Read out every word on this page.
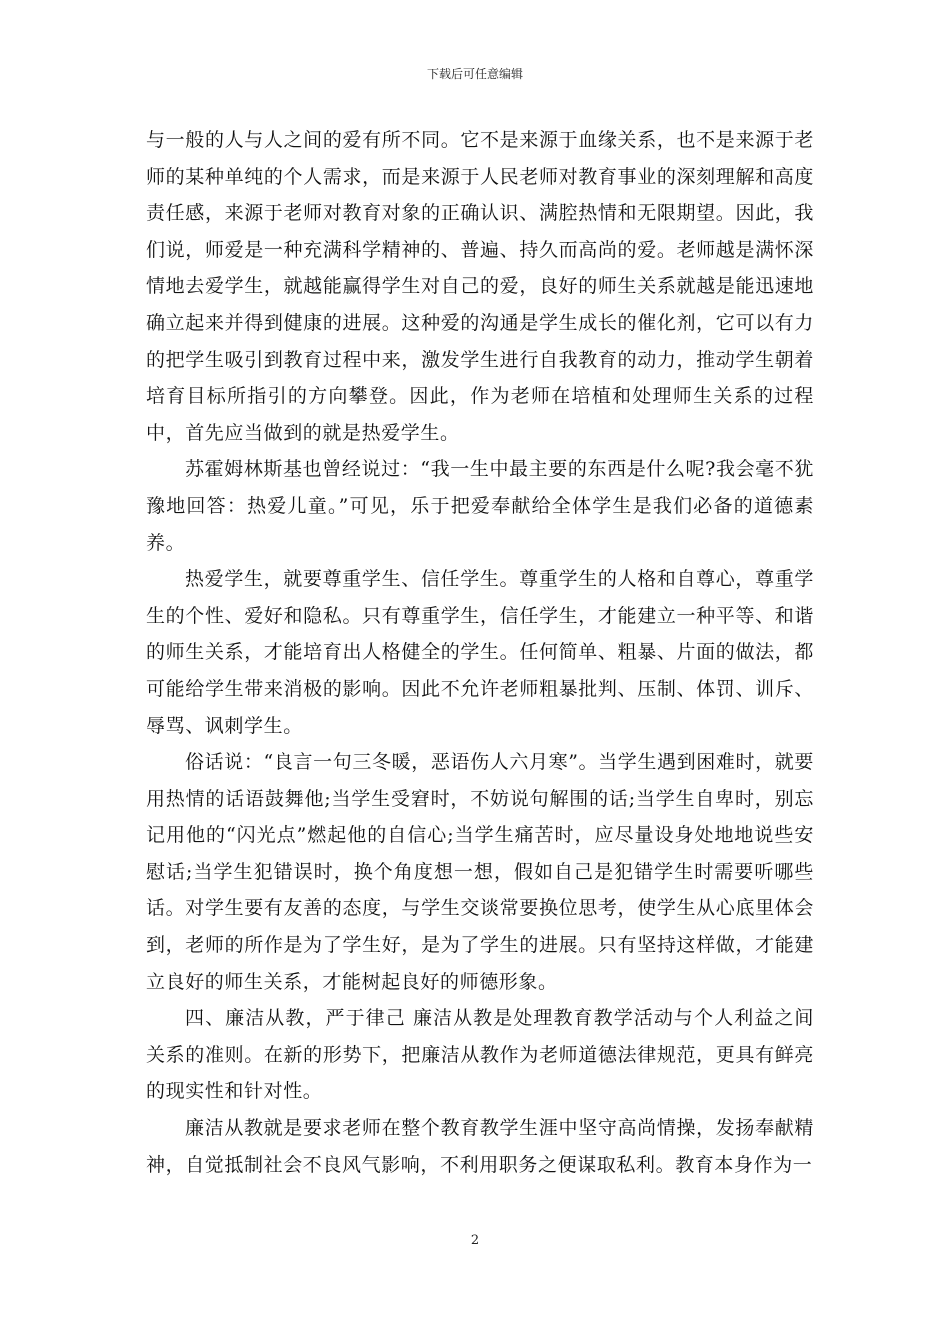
下载后可任意编辑

与一般的人与人之间的爱有所不同。它不是来源于血缘关系，也不是来源于老师的某种单纯的个人需求，而是来源于人民老师对教育事业的深刻理解和高度责任感，来源于老师对教育对象的正确认识、满腔热情和无限期望。因此，我们说，师爱是一种充满科学精神的、普遍、持久而高尚的爱。老师越是满怀深情地去爱学生，就越能赢得学生对自己的爱，良好的师生关系就越是能迅速地确立起来并得到健康的进展。这种爱的沟通是学生成长的催化剂，它可以有力的把学生吸引到教育过程中来，激发学生进行自我教育的动力，推动学生朝着培育目标所指引的方向攀登。因此，作为老师在培植和处理师生关系的过程中，首先应当做到的就是热爱学生。

苏霍姆林斯基也曾经说过：“我一生中最主要的东西是什么呢?我会毫不犹豫地回答：热爱儿童。”可见，乐于把爱奉献给全体学生是我们必备的道德素养。

热爱学生，就要尊重学生、信任学生。尊重学生的人格和自尊心，尊重学生的个性、爱好和隐私。只有尊重学生，信任学生，才能建立一种平等、和谐的师生关系，才能培育出人格健全的学生。任何简单、粗暴、片面的做法，都可能给学生带来消极的影响。因此不允许老师粗暴批判、压制、体罚、训斥、辱骂、讽刺学生。

俗话说：“良言一句三冬暖，恶语伤人六月寒”。当学生遇到困难时，就要用热情的话语鼓舞他;当学生受窘时，不妨说句解围的话;当学生自卑时，别忘记用他的“闪光点”燃起他的自信心;当学生痛苦时，应尽量设身处地地说些安慰话;当学生犯错误时，换个角度想一想，假如自己是犯错学生时需要听哪些话。对学生要有友善的态度，与学生交谈常要换位思考，使学生从心底里体会到，老师的所作是为了学生好，是为了学生的进展。只有坚持这样做，才能建立良好的师生关系，才能树起良好的师德形象。

四、廉洁从教，严于律己 廉洁从教是处理教育教学活动与个人利益之间关系的准则。在新的形势下，把廉洁从教作为老师道德法律规范，更具有鲜亮的现实性和针对性。

廉洁从教就是要求老师在整个教育教学生涯中坚守高尚情操，发扬奉献精神，自觉抵制社会不良风气影响，不利用职务之便谋取私利。教育本身作为一

2
